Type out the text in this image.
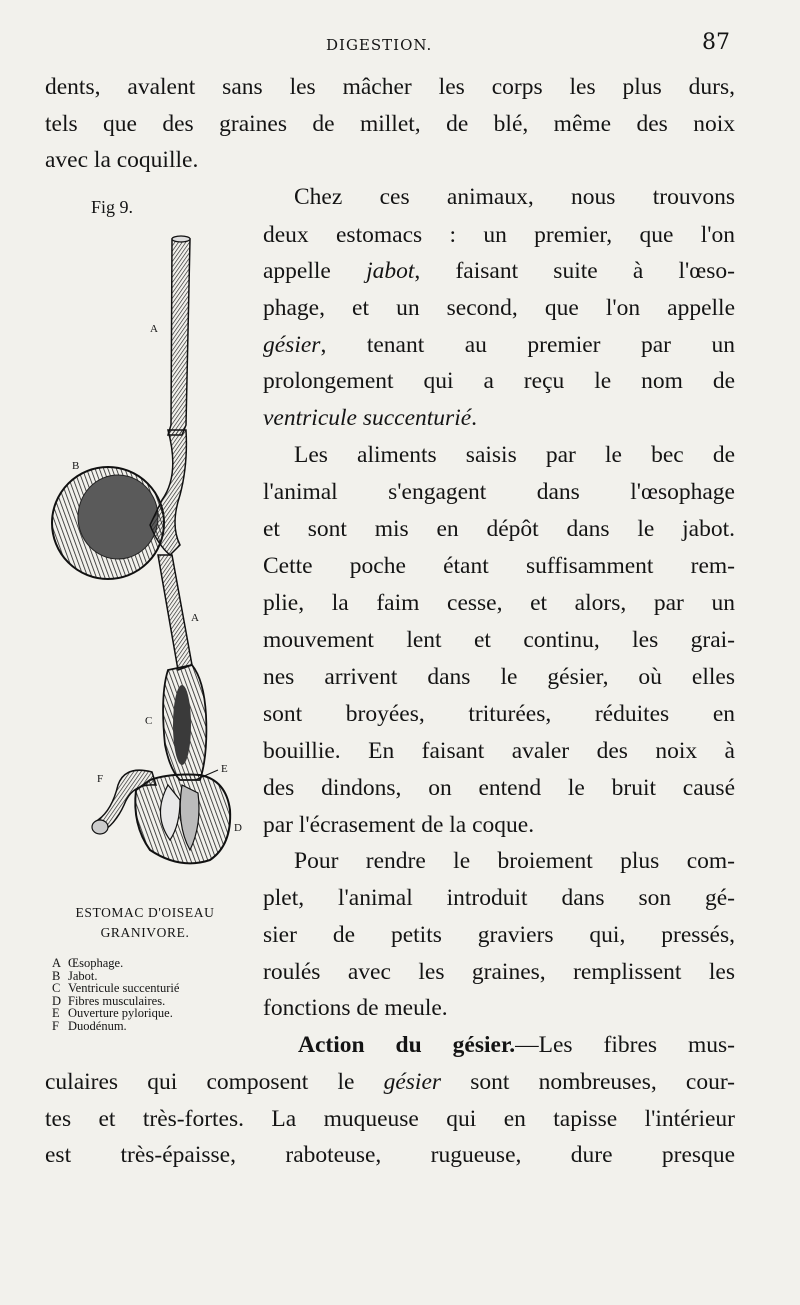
DIGESTION.	87
dents, avalent sans les mâcher les corps les plus durs,
tels que des graines de millet, de blé, même des noix
avec la coquille.
Fig 9.
A
B
A
C
E
F
D
ESTOMAC D'OISEAU
GRANIVORE.
A Œsophage.
B Jabot.
C Ventricule succenturié
D Fibres musculaires.
E Ouverture pylorique.
F Duodénum.
Chez ces animaux, nous trouvons
deux estomacs : un premier, que l'on
appelle jabot, faisant suite à l'œso-
phage, et un second, que l'on appelle
gésier, tenant au premier par un
prolongement qui a reçu le nom de
ventricule succenturié.
Les aliments saisis par le bec de
l'animal s'engagent dans l'œsophage
et sont mis en dépôt dans le jabot.
Cette poche étant suffisamment rem-
plie, la faim cesse, et alors, par un
mouvement lent et continu, les grai-
nes arrivent dans le gésier, où elles
sont broyées, triturées, réduites en
bouillie. En faisant avaler des noix à
des dindons, on entend le bruit causé
par l'écrasement de la coque.
Pour rendre le broiement plus com-
plet, l'animal introduit dans son gé-
sier de petits graviers qui, pressés,
roulés avec les graines, remplissent les
fonctions de meule.
Action du gésier.—Les fibres mus-
culaires qui composent le gésier sont nombreuses, cour-
tes et très-fortes. La muqueuse qui en tapisse l'intérieur
est très-épaisse, raboteuse, rugueuse, dure presque
